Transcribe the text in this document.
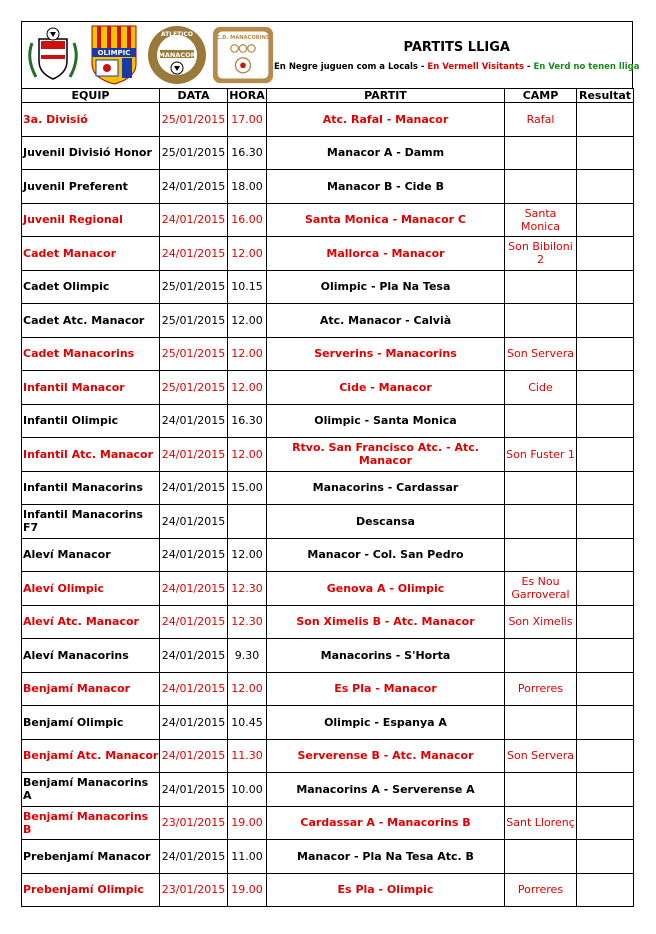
OLIMPIC	MANACOR
ATLETICO
C.D. MANACORINS
PARTITS LLIGA
En Negre juguen com a Locals - En Vermell Visitants - En Verd no tenen lliga
EQUIP	DATA	HORA	PARTIT	CAMP	Resultat
3a. Divisió	25/01/2015	17.00	Atc. Rafal - Manacor	Rafal	
Juvenil Divisió Honor	25/01/2015	16.30	Manacor A - Damm		
Juvenil Preferent	24/01/2015	18.00	Manacor B - Cide B		
Juvenil Regional	24/01/2015	16.00	Santa Monica - Manacor C	Santa Monica	
Cadet Manacor	24/01/2015	12.00	Mallorca - Manacor	Son Bibiloni 2	
Cadet Olimpic	25/01/2015	10.15	Olimpic - Pla Na Tesa		
Cadet Atc. Manacor	25/01/2015	12.00	Atc. Manacor - Calvià		
Cadet Manacorins	25/01/2015	12.00	Serverins - Manacorins	Son Servera	
Infantil Manacor	25/01/2015	12.00	Cide - Manacor	Cide	
Infantil Olimpic	24/01/2015	16.30	Olimpic - Santa Monica		
Infantil Atc. Manacor	24/01/2015	12.00	Rtvo. San Francisco Atc. - Atc. Manacor	Son Fuster 1	
Infantil Manacorins	24/01/2015	15.00	Manacorins - Cardassar		
Infantil Manacorins F7	24/01/2015		Descansa		
Aleví Manacor	24/01/2015	12.00	Manacor - Col. San Pedro		
Aleví Olimpic	24/01/2015	12.30	Genova A - Olimpic	Es Nou Garroveral	
Aleví Atc. Manacor	24/01/2015	12.30	Son Ximelis B - Atc. Manacor	Son Ximelis	
Aleví Manacorins	24/01/2015	9.30	Manacorins - S'Horta		
Benjamí Manacor	24/01/2015	12.00	Es Pla - Manacor	Porreres	
Benjamí Olimpic	24/01/2015	10.45	Olimpic - Espanya A		
Benjamí Atc. Manacor	24/01/2015	11.30	Serverense B - Atc. Manacor	Son Servera	
Benjamí Manacorins A	24/01/2015	10.00	Manacorins A - Serverense A		
Benjamí Manacorins B	23/01/2015	19.00	Cardassar A - Manacorins B	Sant Llorenç	
Prebenjamí Manacor	24/01/2015	11.00	Manacor - Pla Na Tesa Atc. B		
Prebenjamí Olimpic	23/01/2015	19.00	Es Pla - Olimpic	Porreres	
